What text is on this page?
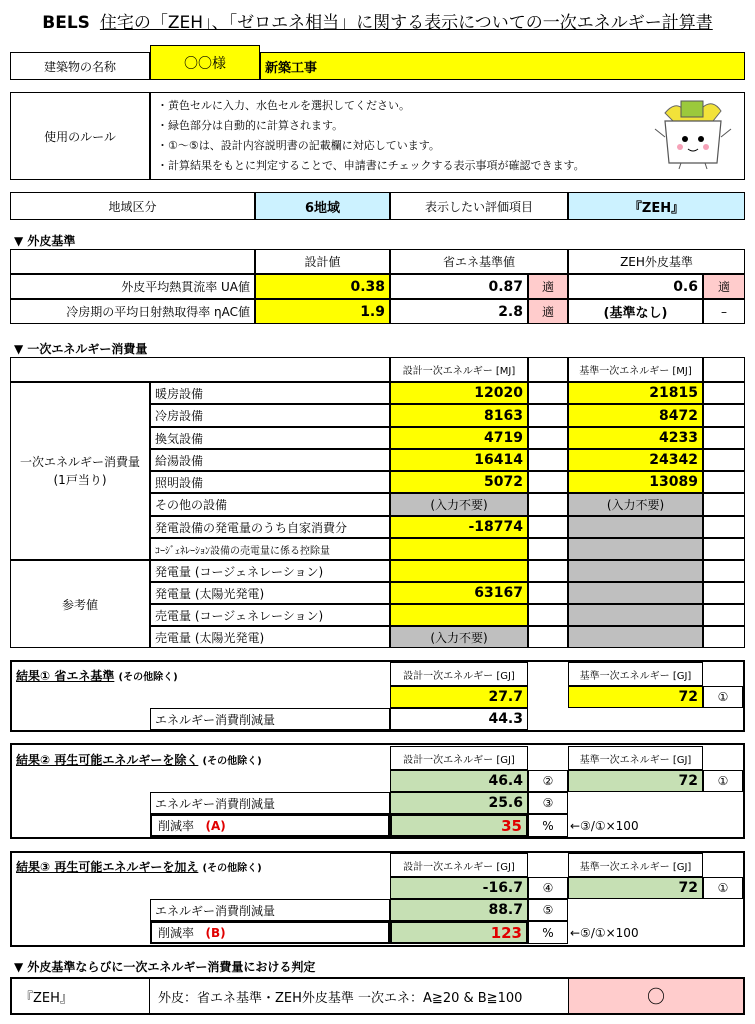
BELS 住宅の「ZEH」、「ゼロエネ相当」に関する表示についての一次エネルギー計算書
建築物の名称	〇〇様	新築工事
使用のルール
・黄色セルに入力、水色セルを選択してください。
・緑色部分は自動的に計算されます。
・①～⑤は、設計内容説明書の記載欄に対応しています。
・計算結果をもとに判定することで、申請書にチェックする表示事項が確認できます。
地域区分	6地域	表示したい評価項目	『ZEH』
▼ 外皮基準
設計値	省エネ基準値	ZEH外皮基準
外皮平均熱貫流率 UA値	0.38	0.87	適	0.6	適
冷房期の平均日射熱取得率 ηAC値	1.9	2.8	適	(基準なし)	–
▼ 一次エネルギー消費量
設計一次エネルギー [MJ]	基準一次エネルギー [MJ]
一次エネルギー消費量
(1戸当り)
暖房設備	12020	21815
冷房設備	8163	8472
換気設備	4719	4233
給湯設備	16414	24342
照明設備	5072	13089
その他の設備	(入力不要)	(入力不要)
発電設備の発電量のうち自家消費分	-18774
ｺｰｼﾞｪﾈﾚｰｼｮﾝ設備の売電量に係る控除量
参考値
発電量 (コージェネレーション)
発電量 (太陽光発電)	63167
売電量 (コージェネレーション)
売電量 (太陽光発電)	(入力不要)
結果① 省エネ基準 (その他除く)	設計一次エネルギー [GJ]	基準一次エネルギー [GJ]
27.7	72	①
エネルギー消費削減量	44.3
結果② 再生可能エネルギーを除く (その他除く)	設計一次エネルギー [GJ]	基準一次エネルギー [GJ]
46.4	②	72	①
エネルギー消費削減量	25.6	③
削減率
(A)	35	%	←③/①×100
結果③ 再生可能エネルギーを加え (その他除く)	設計一次エネルギー [GJ]	基準一次エネルギー [GJ]
-16.7	④	72	①
エネルギー消費削減量	88.7	⑤
削減率
(B)	123	%	←⑤/①×100
▼ 外皮基準ならびに一次エネルギー消費量における判定
『ZEH』	外皮：省エネ基準・ZEH外皮基準 一次エネ：A≧20 & B≧100	〇
